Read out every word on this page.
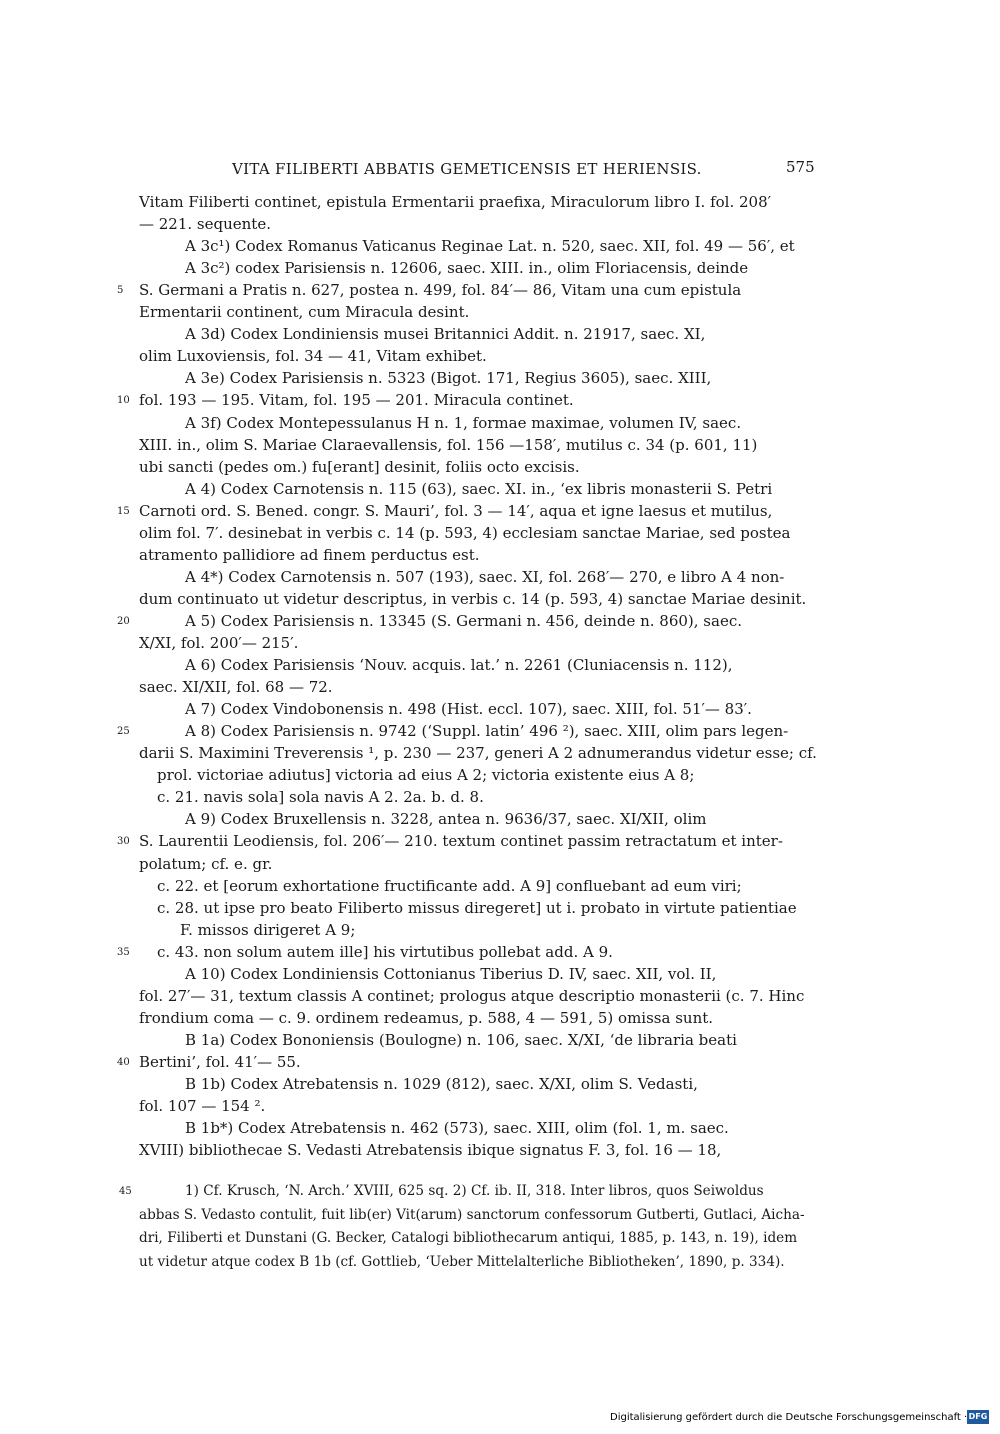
VITA FILIBERTI ABBATIS GEMETICENSIS ET HERIENSIS.	575
Vitam Filiberti continet, epistula Ermentarii praefixa, Miraculorum libro I. fol. 208′
— 221. sequente.
A 3c¹) Codex Romanus Vaticanus Reginae Lat. n. 520, saec. XII, fol. 49 — 56′, et
A 3c²) codex Parisiensis n. 12606, saec. XIII. in., olim Floriacensis, deinde
S. Germani a Pratis n. 627, postea n. 499, fol. 84′— 86, Vitam una cum epistula
5
Ermentarii continent, cum Miracula desint.
A 3d) Codex Londiniensis musei Britannici Addit. n. 21917, saec. XI,
olim Luxoviensis, fol. 34 — 41, Vitam exhibet.
A 3e) Codex Parisiensis n. 5323 (Bigot. 171, Regius 3605), saec. XIII,
fol. 193 — 195. Vitam, fol. 195 — 201. Miracula continet.
10
A 3f) Codex Montepessulanus H n. 1, formae maximae, volumen IV, saec.
XIII. in., olim S. Mariae Claraevallensis, fol. 156 —158′, mutilus c. 34 (p. 601, 11)
ubi sancti (pedes om.) fu[erant] desinit, foliis octo excisis.
A 4) Codex Carnotensis n. 115 (63), saec. XI. in., ‘ex libris monasterii S. Petri
Carnoti ord. S. Bened. congr. S. Mauri’, fol. 3 — 14′, aqua et igne laesus et mutilus,
15
olim fol. 7′. desinebat in verbis c. 14 (p. 593, 4) ecclesiam sanctae Mariae, sed postea
atramento pallidiore ad finem perductus est.
A 4*) Codex Carnotensis n. 507 (193), saec. XI, fol. 268′— 270, e libro A 4 non-
dum continuato ut videtur descriptus, in verbis c. 14 (p. 593, 4) sanctae Mariae desinit.
A 5) Codex Parisiensis n. 13345 (S. Germani n. 456, deinde n. 860), saec.
20
X/XI, fol. 200′— 215′.
A 6) Codex Parisiensis ‘Nouv. acquis. lat.’ n. 2261 (Cluniacensis n. 112),
saec. XI/XII, fol. 68 — 72.
A 7) Codex Vindobonensis n. 498 (Hist. eccl. 107), saec. XIII, fol. 51′— 83′.
A 8) Codex Parisiensis n. 9742 (‘Suppl. latin’ 496 ²), saec. XIII, olim pars legen-
25
darii S. Maximini Treverensis ¹, p. 230 — 237, generi A 2 adnumerandus videtur esse; cf.
prol. victoriae adiutus] victoria ad eius A 2; victoria existente eius A 8;
c. 21. navis sola] sola navis A 2. 2a. b. d. 8.
A 9) Codex Bruxellensis n. 3228, antea n. 9636/37, saec. XI/XII, olim
S. Laurentii Leodiensis, fol. 206′— 210. textum continet passim retractatum et inter-
30
polatum; cf. e. gr.
c. 22. et [eorum exhortatione fructificante add. A 9] confluebant ad eum viri;
c. 28. ut ipse pro beato Filiberto missus diregeret] ut i. probato in virtute patientiae
F. missos dirigeret A 9;
c. 43. non solum autem ille] his virtutibus pollebat add. A 9.
35
A 10) Codex Londiniensis Cottonianus Tiberius D. IV, saec. XII, vol. II,
fol. 27′— 31, textum classis A continet; prologus atque descriptio monasterii (c. 7. Hinc
frondium coma — c. 9. ordinem redeamus, p. 588, 4 — 591, 5) omissa sunt.
B 1a) Codex Bononiensis (Boulogne) n. 106, saec. X/XI, ‘de libraria beati
Bertini’, fol. 41′— 55.
40
B 1b) Codex Atrebatensis n. 1029 (812), saec. X/XI, olim S. Vedasti,
fol. 107 — 154 ².
B 1b*) Codex Atrebatensis n. 462 (573), saec. XIII, olim (fol. 1, m. saec.
XVIII) bibliothecae S. Vedasti Atrebatensis ibique signatus F. 3, fol. 16 — 18,
1) Cf. Krusch, ‘N. Arch.’ XVIII, 625 sq. 2) Cf. ib. II, 318. Inter libros, quos Seiwoldus
45
abbas S. Vedasto contulit, fuit lib(er) Vit(arum) sanctorum confessorum Gutberti, Gutlaci, Aicha-
dri, Filiberti et Dunstani (G. Becker, Catalogi bibliothecarum antiqui, 1885, p. 143, n. 19), idem
ut videtur atque codex B 1b (cf. Gottlieb, ‘Ueber Mittelalterliche Bibliotheken’, 1890, p. 334).
Digitalisierung gefördert durch die Deutsche Forschungsgemeinschaft · DFG
